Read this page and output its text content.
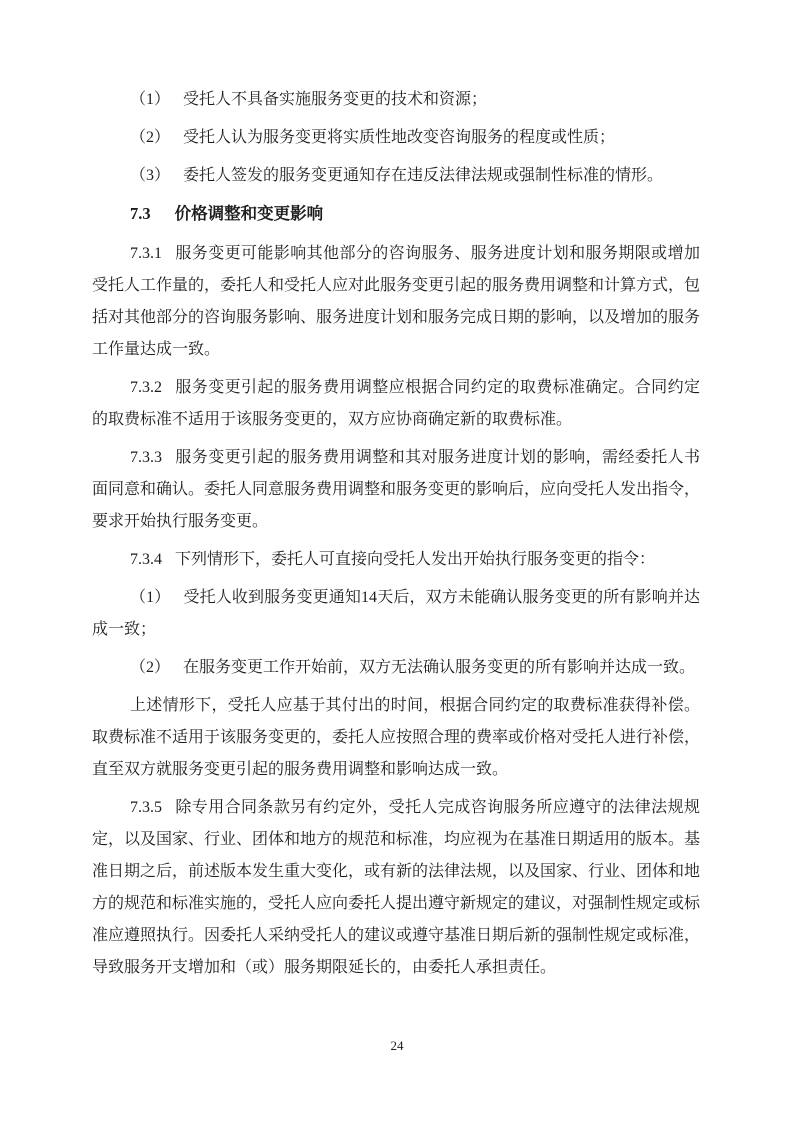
（1） 受托人不具备实施服务变更的技术和资源；

（2） 受托人认为服务变更将实质性地改变咨询服务的程度或性质；

（3） 委托人签发的服务变更通知存在违反法律法规或强制性标准的情形。

7.3 价格调整和变更影响

7.3.1 服务变更可能影响其他部分的咨询服务、服务进度计划和服务期限或增加受托人工作量的，委托人和受托人应对此服务变更引起的服务费用调整和计算方式，包括对其他部分的咨询服务影响、服务进度计划和服务完成日期的影响，以及增加的服务工作量达成一致。

7.3.2 服务变更引起的服务费用调整应根据合同约定的取费标准确定。合同约定的取费标准不适用于该服务变更的，双方应协商确定新的取费标准。

7.3.3 服务变更引起的服务费用调整和其对服务进度计划的影响，需经委托人书面同意和确认。委托人同意服务费用调整和服务变更的影响后，应向受托人发出指令，要求开始执行服务变更。

7.3.4 下列情形下，委托人可直接向受托人发出开始执行服务变更的指令：

（1） 受托人收到服务变更通知14天后，双方未能确认服务变更的所有影响并达成一致；

（2） 在服务变更工作开始前，双方无法确认服务变更的所有影响并达成一致。

上述情形下，受托人应基于其付出的时间，根据合同约定的取费标准获得补偿。取费标准不适用于该服务变更的，委托人应按照合理的费率或价格对受托人进行补偿，直至双方就服务变更引起的服务费用调整和影响达成一致。

7.3.5 除专用合同条款另有约定外，受托人完成咨询服务所应遵守的法律法规规定，以及国家、行业、团体和地方的规范和标准，均应视为在基准日期适用的版本。基准日期之后，前述版本发生重大变化，或有新的法律法规，以及国家、行业、团体和地方的规范和标准实施的，受托人应向委托人提出遵守新规定的建议，对强制性规定或标准应遵照执行。因委托人采纳受托人的建议或遵守基准日期后新的强制性规定或标准，导致服务开支增加和（或）服务期限延长的，由委托人承担责任。

24
